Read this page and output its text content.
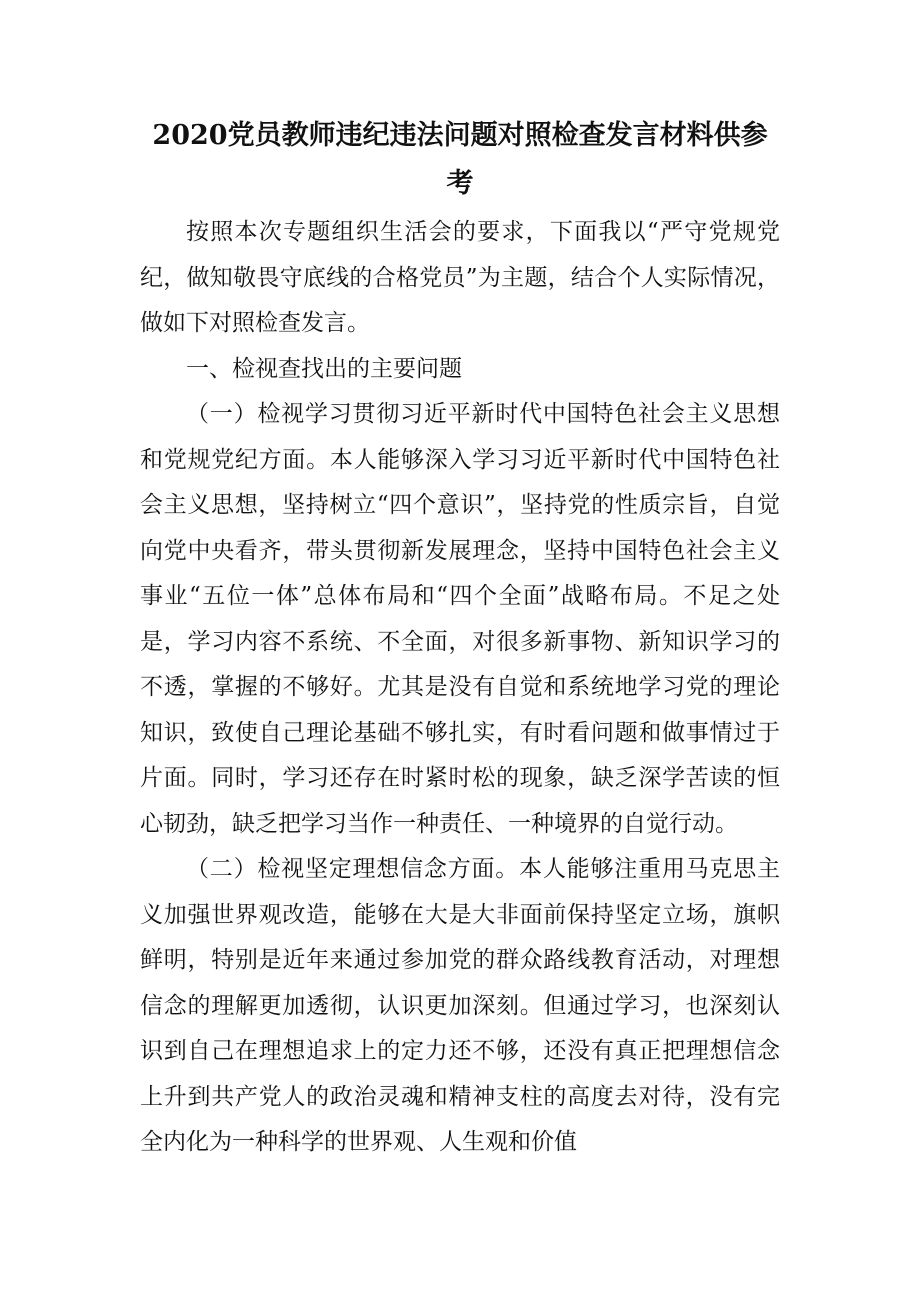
2020党员教师违纪违法问题对照检查发言材料供参
考

按照本次专题组织生活会的要求，下面我以“严守党规党纪，做知敬畏守底线的合格党员”为主题，结合个人实际情况，做如下对照检查发言。

一、检视查找出的主要问题

（一）检视学习贯彻习近平新时代中国特色社会主义思想和党规党纪方面。本人能够深入学习习近平新时代中国特色社会主义思想，坚持树立“四个意识”，坚持党的性质宗旨，自觉向党中央看齐，带头贯彻新发展理念，坚持中国特色社会主义事业“五位一体”总体布局和“四个全面”战略布局。不足之处是，学习内容不系统、不全面，对很多新事物、新知识学习的不透，掌握的不够好。尤其是没有自觉和系统地学习党的理论知识，致使自己理论基础不够扎实，有时看问题和做事情过于片面。同时，学习还存在时紧时松的现象，缺乏深学苦读的恒心韧劲，缺乏把学习当作一种责任、一种境界的自觉行动。

（二）检视坚定理想信念方面。本人能够注重用马克思主义加强世界观改造，能够在大是大非面前保持坚定立场，旗帜鲜明，特别是近年来通过参加党的群众路线教育活动，对理想信念的理解更加透彻，认识更加深刻。但通过学习，也深刻认识到自己在理想追求上的定力还不够，还没有真正把理想信念上升到共产党人的政治灵魂和精神支柱的高度去对待，没有完全内化为一种科学的世界观、人生观和价值
